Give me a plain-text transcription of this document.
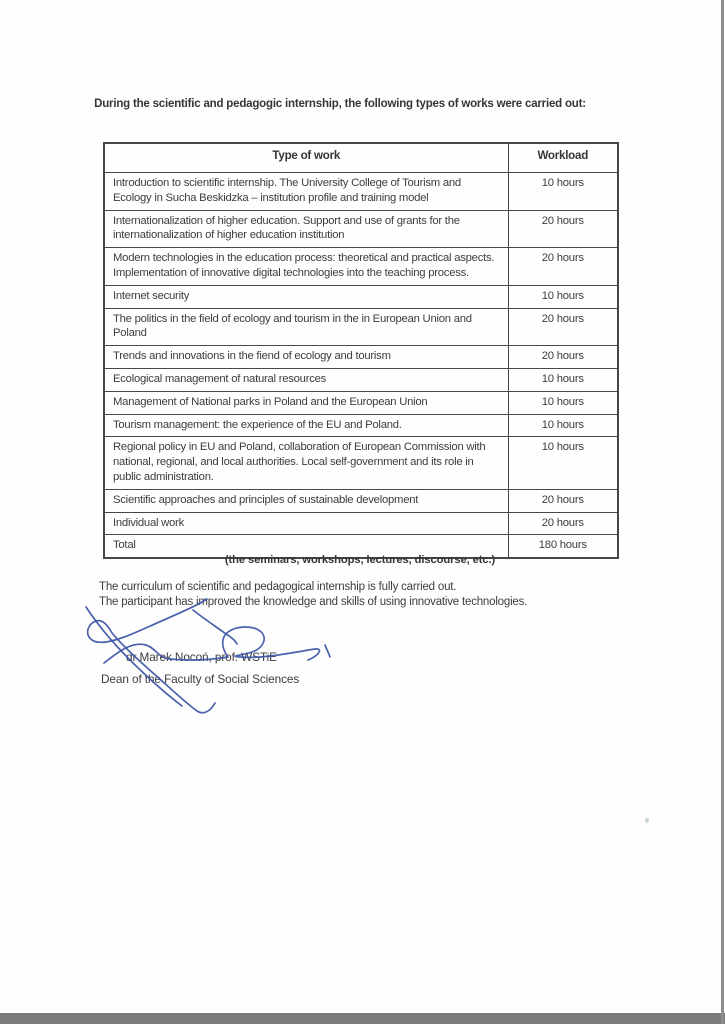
During the scientific and pedagogic internship, the following types of works were carried out:
Type of work	Workload
Introduction to scientific internship. The University College of Tourism and Ecology in Sucha Beskidzka – institution profile and training model	10 hours
Internationalization of higher education. Support and use of grants for the internationalization of higher education institution	20 hours
Modern technologies in the education process: theoretical and practical aspects. Implementation of innovative digital technologies into the teaching process.	20 hours
Internet security	10 hours
The politics in the field of ecology and tourism in the in European Union and Poland	20 hours
Trends and innovations in the fiend of ecology and tourism	20 hours
Ecological management of natural resources	10 hours
Management of National parks in Poland and the European Union	10 hours
Tourism management: the experience of the EU and Poland.	10 hours
Regional policy in EU and Poland, collaboration of European Commission with national, regional, and local authorities. Local self-government and its role in public administration.	10 hours
Scientific approaches and principles of sustainable development	20 hours
Individual work	20 hours
Total	180 hours
(the seminars, workshops, lectures, discourse, etc.)

The curriculum of scientific and pedagogical internship is fully carried out.

The participant has improved the knowledge and skills of using innovative technologies.

dr Marek Nocoń, prof. WSTiE
Dean of the Faculty of Social Sciences
